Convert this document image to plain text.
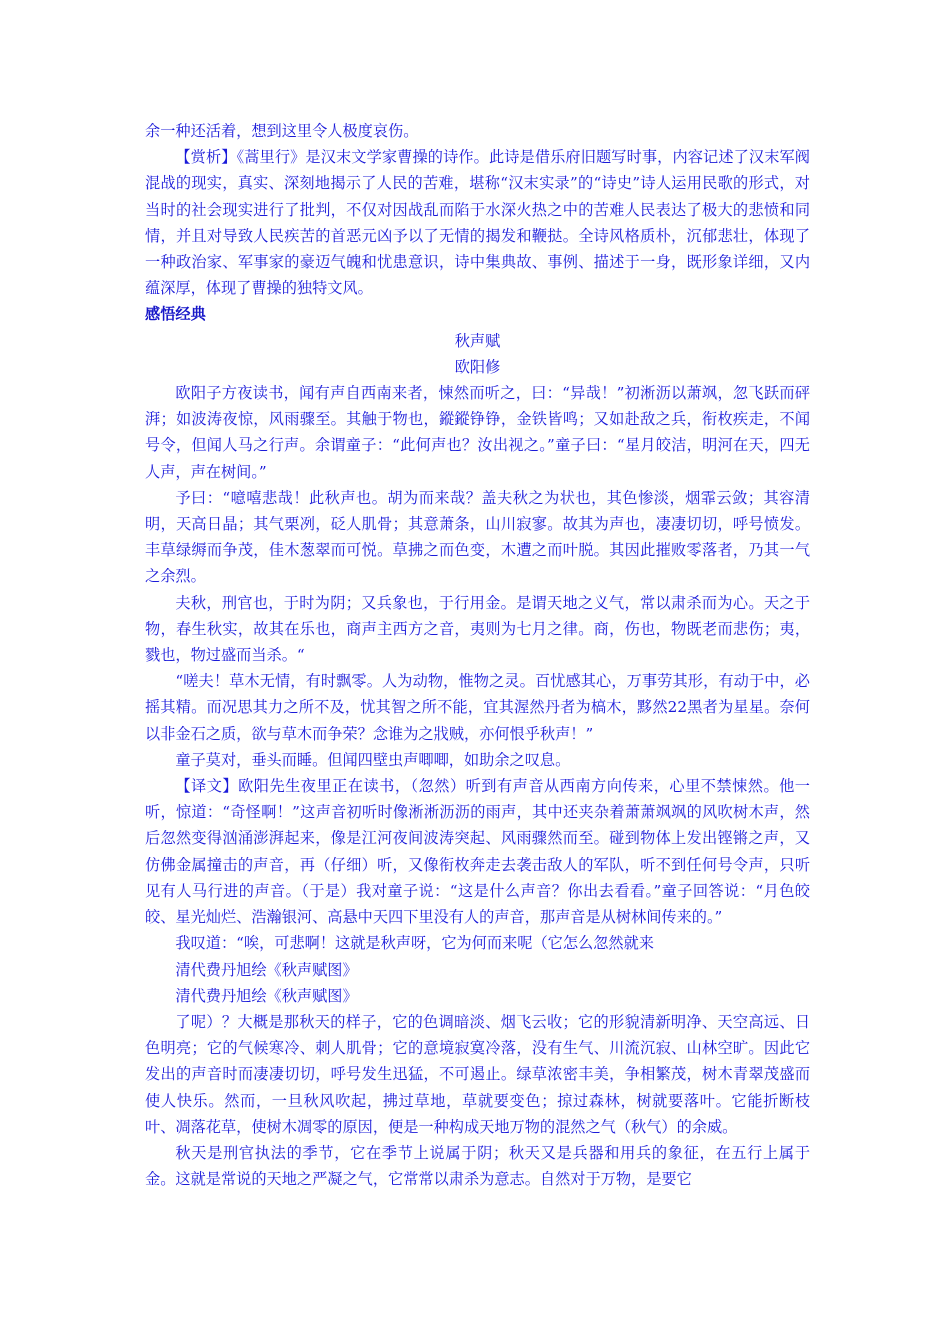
余一种还活着，想到这里令人极度哀伤。

【赏析】《蒿里行》是汉末文学家曹操的诗作。此诗是借乐府旧题写时事，内容记述了汉末军阀混战的现实，真实、深刻地揭示了人民的苦难，堪称“汉末实录”的“诗史”诗人运用民歌的形式，对当时的社会现实进行了批判，不仅对因战乱而陷于水深火热之中的苦难人民表达了极大的悲愤和同情，并且对导致人民疾苦的首恶元凶予以了无情的揭发和鞭挞。全诗风格质朴，沉郁悲壮，体现了一种政治家、军事家的豪迈气魄和忧患意识，诗中集典故、事例、描述于一身，既形象详细，又内蕴深厚，体现了曹操的独特文风。

感悟经典

秋声赋

欧阳修

欧阳子方夜读书，闻有声自西南来者，悚然而听之，曰：“异哉！”初淅沥以萧飒，忽飞跃而砰湃；如波涛夜惊，风雨骤至。其触于物也，鏦鏦铮铮，金铁皆鸣；又如赴敌之兵，衔枚疾走，不闻号令，但闻人马之行声。余谓童子：“此何声也？汝出视之。”童子曰：“星月皎洁，明河在天，四无人声，声在树间。”

予曰：“噫嘻悲哉！此秋声也。胡为而来哉？盖夫秋之为状也，其色惨淡，烟霏云敛；其容清明，天高日晶；其气栗冽，砭人肌骨；其意萧条，山川寂寥。故其为声也，凄凄切切，呼号愤发。丰草绿缛而争茂，佳木葱翠而可悦。草拂之而色变，木遭之而叶脱。其因此摧败零落者，乃其一气之余烈。

夫秋，刑官也，于时为阴；又兵象也，于行用金。是谓天地之义气，常以肃杀而为心。天之于物，春生秋实，故其在乐也，商声主西方之音，夷则为七月之律。商，伤也，物既老而悲伤；夷，戮也，物过盛而当杀。“

“嗟夫！草木无情，有时飘零。人为动物，惟物之灵。百忧感其心，万事劳其形，有动于中，必摇其精。而况思其力之所不及，忧其智之所不能，宜其渥然丹者为槁木，黟然22黑者为星星。奈何以非金石之质，欲与草木而争荣？念谁为之戕贼，亦何恨乎秋声！”

童子莫对，垂头而睡。但闻四壁虫声唧唧，如助余之叹息。

【译文】欧阳先生夜里正在读书，（忽然）听到有声音从西南方向传来，心里不禁悚然。他一听，惊道：“奇怪啊！”这声音初听时像淅淅沥沥的雨声，其中还夹杂着萧萧飒飒的风吹树木声，然后忽然变得汹涌澎湃起来，像是江河夜间波涛突起、风雨骤然而至。碰到物体上发出铿锵之声，又仿佛金属撞击的声音，再（仔细）听，又像衔枚奔走去袭击敌人的军队，听不到任何号令声，只听见有人马行进的声音。（于是）我对童子说：“这是什么声音？你出去看看。”童子回答说：“月色皎皎、星光灿烂、浩瀚银河、高悬中天四下里没有人的声音，那声音是从树林间传来的。”

我叹道：“唉，可悲啊！这就是秋声呀，它为何而来呢（它怎么忽然就来

清代费丹旭绘《秋声赋图》

清代费丹旭绘《秋声赋图》

了呢）？大概是那秋天的样子，它的色调暗淡、烟飞云收；它的形貌清新明净、天空高远、日色明亮；它的气候寒冷、刺人肌骨；它的意境寂寞冷落，没有生气、川流沉寂、山林空旷。因此它发出的声音时而凄凄切切，呼号发生迅猛，不可遏止。绿草浓密丰美，争相繁茂，树木青翠茂盛而使人快乐。然而，一旦秋风吹起，拂过草地，草就要变色；掠过森林，树就要落叶。它能折断枝叶、凋落花草，使树木凋零的原因，便是一种构成天地万物的混然之气（秋气）的余威。

秋天是刑官执法的季节，它在季节上说属于阴；秋天又是兵器和用兵的象征，在五行上属于金。这就是常说的天地之严凝之气，它常常以肃杀为意志。自然对于万物，是要它
